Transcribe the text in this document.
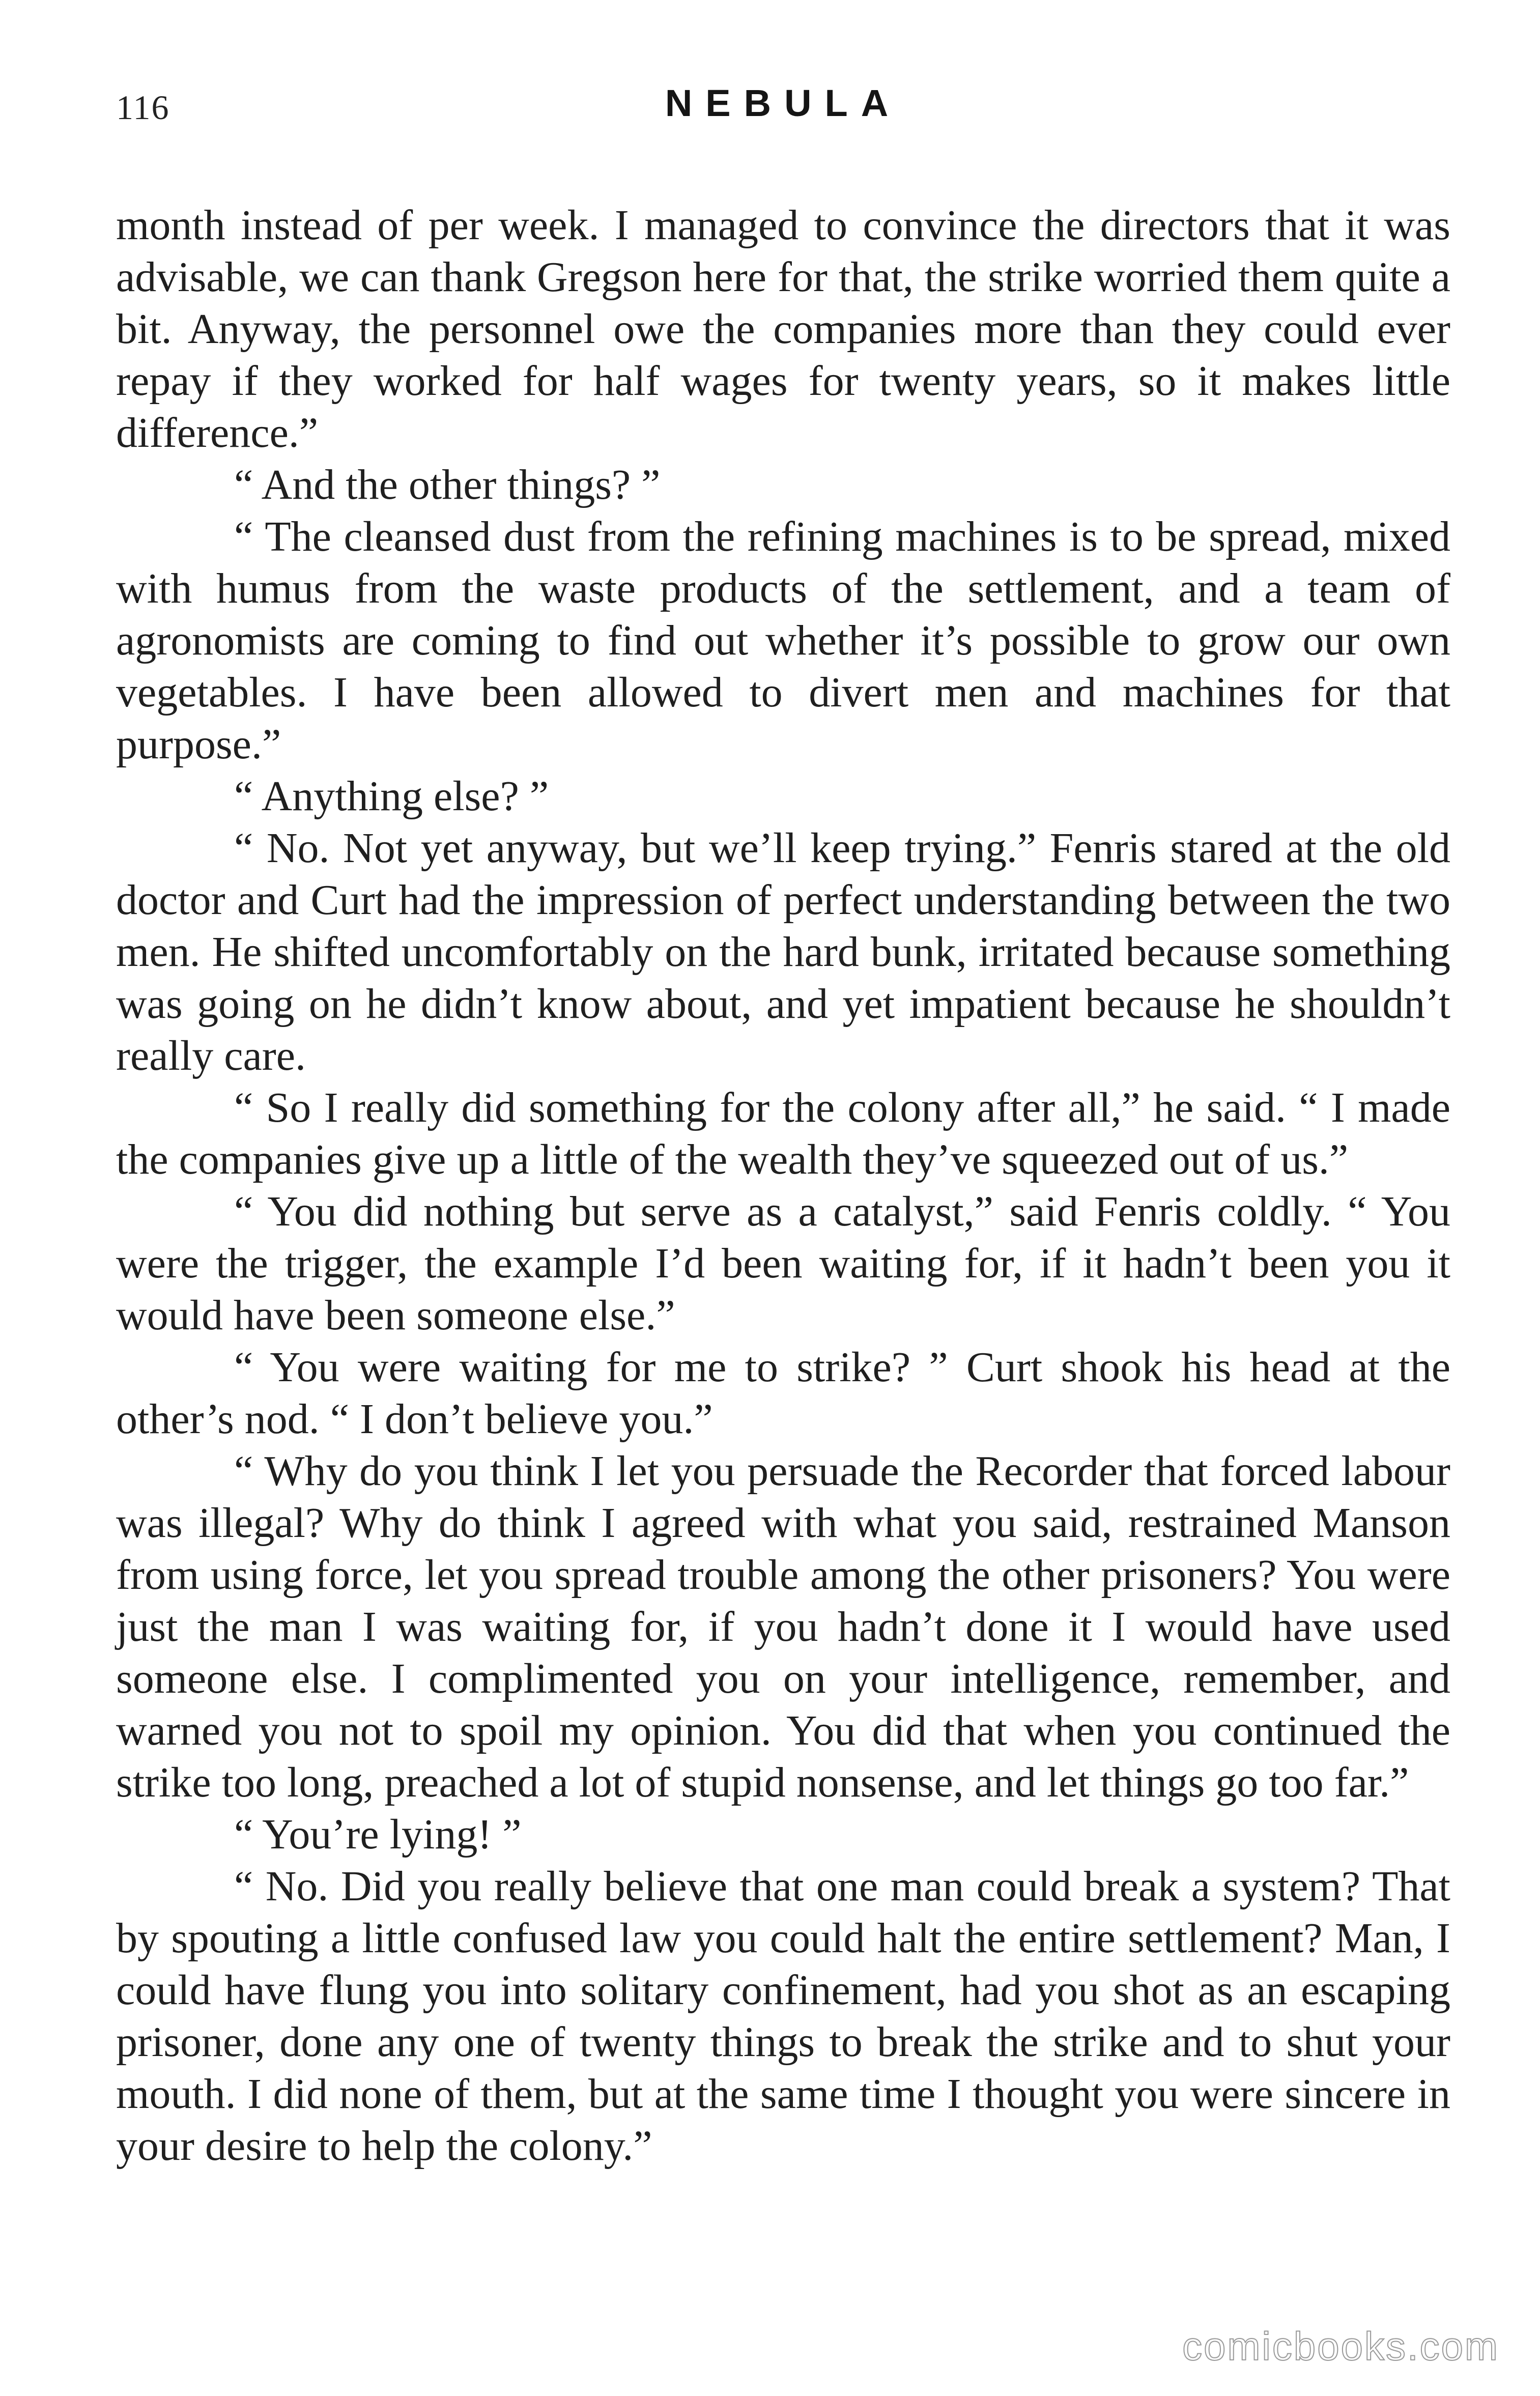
116	NEBULA

month instead of per week. I managed to convince the directors that it was advisable, we can thank Gregson here for that, the strike worried them quite a bit. Anyway, the personnel owe the companies more than they could ever repay if they worked for half wages for twenty years, so it makes little difference.”

“ And the other things? ”

“ The cleansed dust from the refining machines is to be spread, mixed with humus from the waste products of the settlement, and a team of agronomists are coming to find out whether it’s possible to grow our own vegetables. I have been allowed to divert men and machines for that purpose.”

“ Anything else? ”

“ No. Not yet anyway, but we’ll keep trying.” Fenris stared at the old doctor and Curt had the impression of perfect understanding between the two men. He shifted uncomfortably on the hard bunk, irritated because something was going on he didn’t know about, and yet impatient because he shouldn’t really care.

“ So I really did something for the colony after all,” he said. “ I made the companies give up a little of the wealth they’ve squeezed out of us.”

“ You did nothing but serve as a catalyst,” said Fenris coldly. “ You were the trigger, the example I’d been waiting for, if it hadn’t been you it would have been someone else.”

“ You were waiting for me to strike? ” Curt shook his head at the other’s nod. “ I don’t believe you.”

“ Why do you think I let you persuade the Recorder that forced labour was illegal? Why do think I agreed with what you said, restrained Manson from using force, let you spread trouble among the other prisoners? You were just the man I was waiting for, if you hadn’t done it I would have used someone else. I complimented you on your intelligence, remember, and warned you not to spoil my opinion. You did that when you continued the strike too long, preached a lot of stupid nonsense, and let things go too far.”

“ You’re lying! ”

“ No. Did you really believe that one man could break a system? That by spouting a little confused law you could halt the entire settlement? Man, I could have flung you into solitary confinement, had you shot as an escaping prisoner, done any one of twenty things to break the strike and to shut your mouth. I did none of them, but at the same time I thought you were sincere in your desire to help the colony.”

comicbooks.com
